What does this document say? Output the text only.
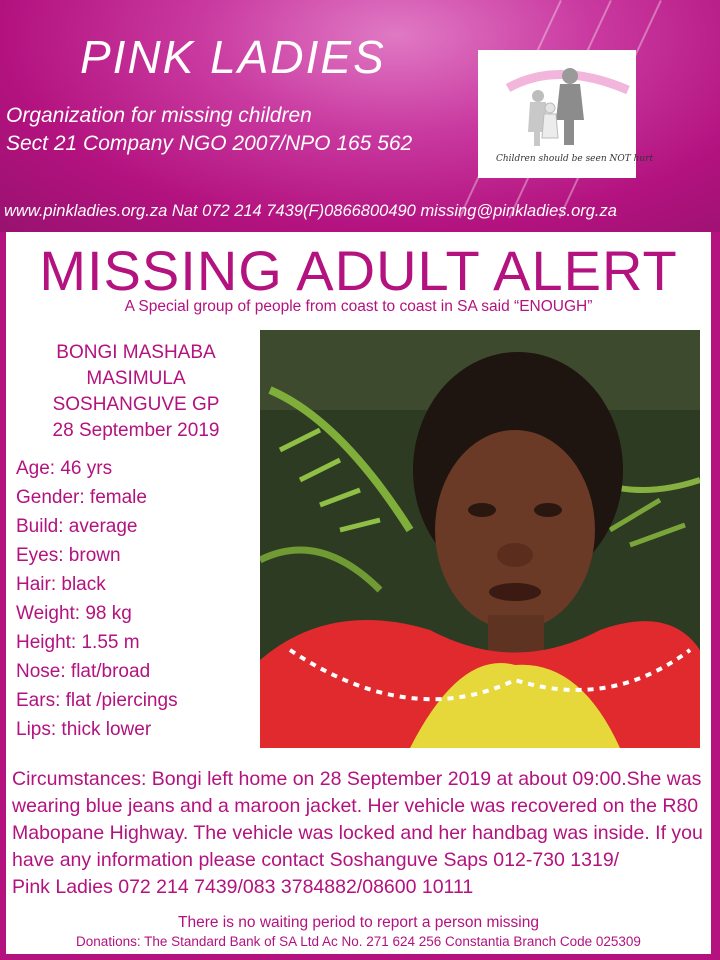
PINK LADIES
Organization for missing children
Sect 21 Company NGO 2007/NPO 165 562
Children should be seen NOT hurt
www.pinkladies.org.za Nat 072 214 7439(F)0866800490 missing@pinkladies.org.za
MISSING ADULT ALERT
A Special group of people from coast to coast in SA said “ENOUGH”
BONGI MASHABA
MASIMULA
SOSHANGUVE GP
28 September 2019
Age: 46 yrs
Gender: female
Build: average
Eyes: brown
Hair: black
Weight: 98 kg
Height: 1.55 m
Nose: flat/broad
Ears: flat /piercings
Lips: thick lower
Circumstances: Bongi left home on 28 September 2019 at about 09:00.She was
wearing blue jeans and a maroon jacket. Her vehicle was recovered on the R80
Mabopane Highway. The vehicle was locked and her handbag was inside. If you
have any information please contact Soshanguve Saps 012-730 1319/
Pink Ladies 072 214 7439/083 3784882/08600 10111
There is no waiting period to report a person missing
Donations: The Standard Bank of SA Ltd Ac No. 271 624 256 Constantia Branch Code 025309
